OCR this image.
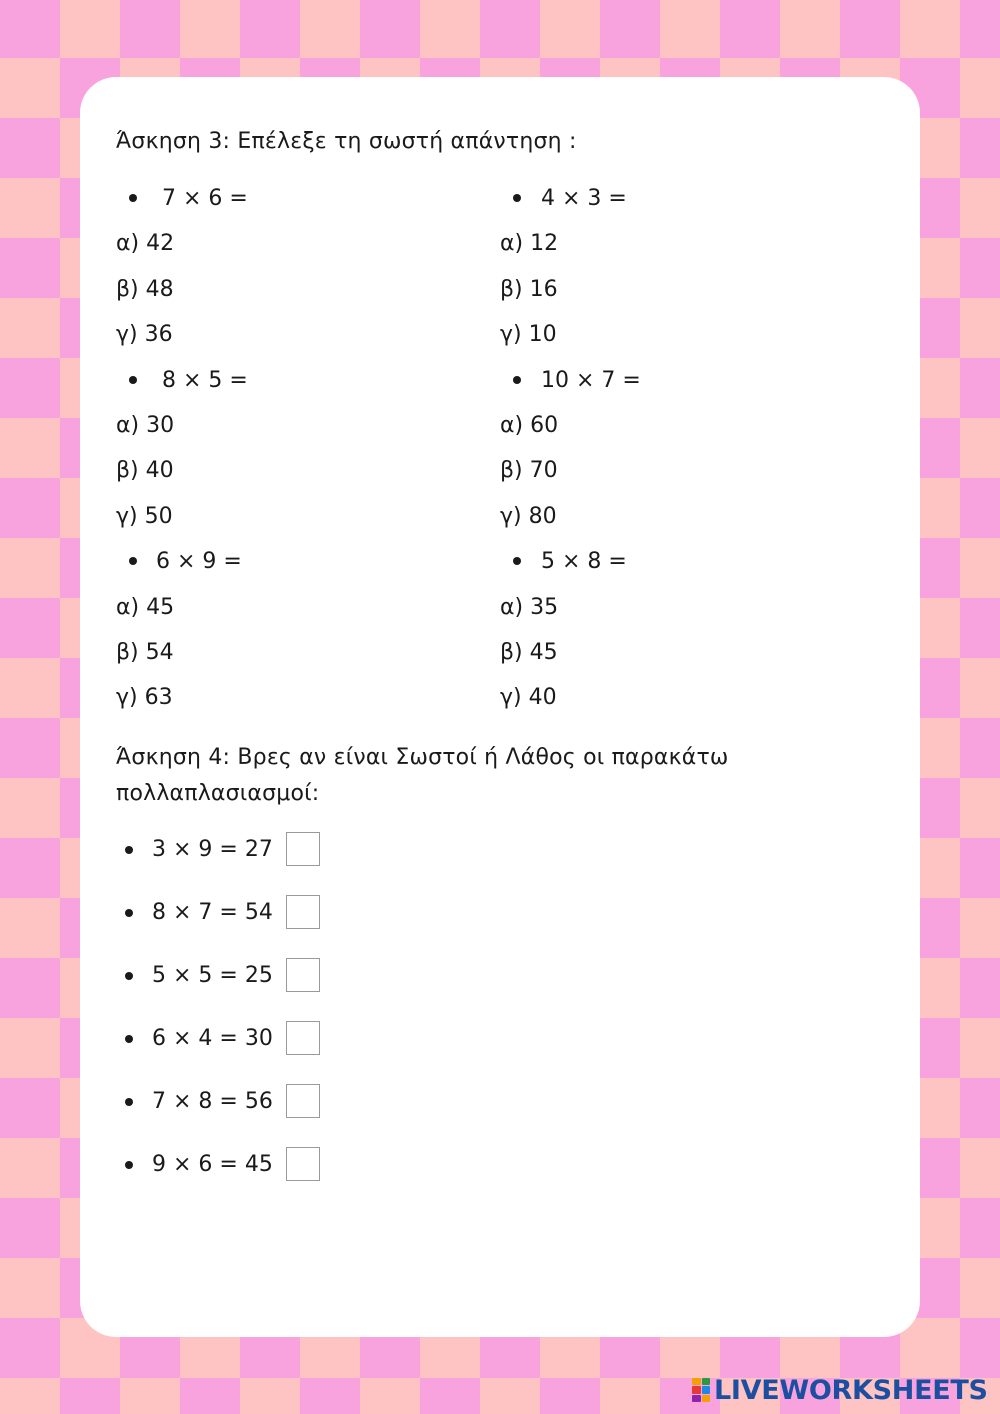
Άσκηση 3: Επέλεξε τη σωστή απάντηση :
7 × 6 =
α) 42
β) 48
γ) 36
8 × 5 =
α) 30
β) 40
γ) 50
6 × 9 =
α) 45
β) 54
γ) 63
4 × 3 =
α) 12
β) 16
γ) 10
10 × 7 =
α) 60
β) 70
γ) 80
5 × 8 =
α) 35
β) 45
γ) 40
Άσκηση 4: Βρες αν είναι Σωστοί ή Λάθος οι παρακάτω
πολλαπλασιασμοί:
3 × 9 = 27
8 × 7 = 54
5 × 5 = 25
6 × 4 = 30
7 × 8 = 56
9 × 6 = 45
LIVEWORKSHEETS
